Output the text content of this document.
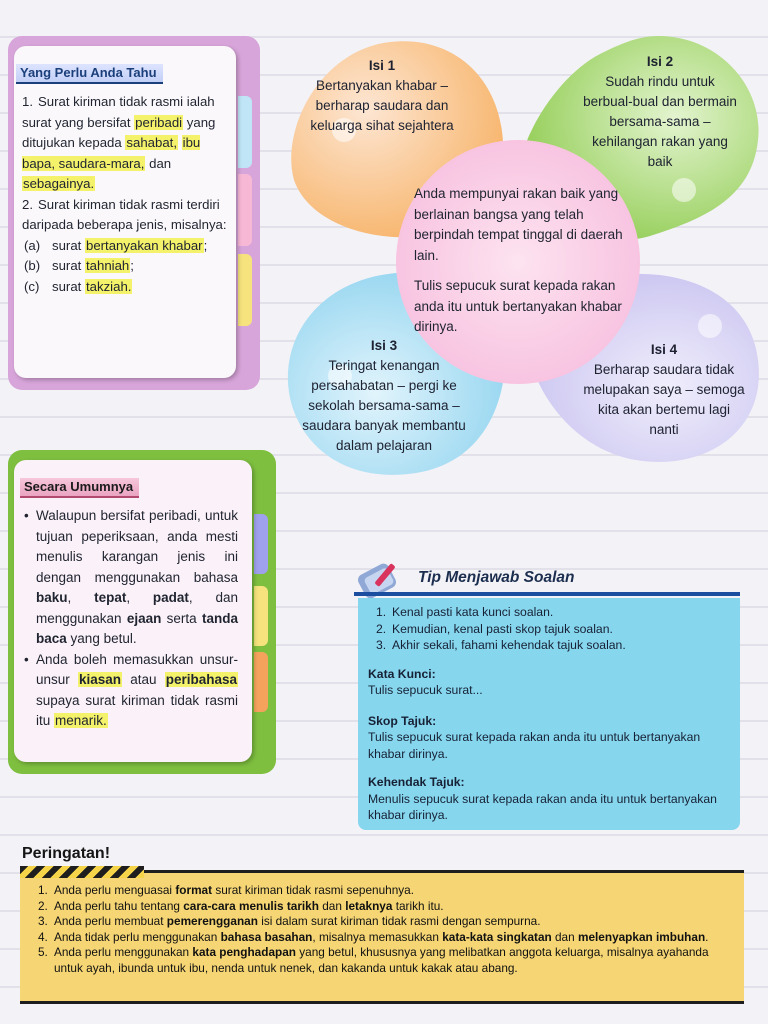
Yang Perlu Anda Tahu
1. Surat kiriman tidak rasmi ialah surat yang bersifat peribadi yang ditujukan kepada sahabat, ibu bapa, saudara-mara, dan sebagainya.
2. Surat kiriman tidak rasmi terdiri daripada beberapa jenis, misalnya:
(a) surat bertanyakan khabar;
(b) surat tahniah;
(c) surat takziah.
Secara Umumnya

• Walaupun bersifat peribadi, untuk tujuan peperiksaan, anda mesti menulis karangan jenis ini dengan menggunakan bahasa baku, tepat, padat, dan menggunakan ejaan serta tanda baca yang betul.

• Anda boleh memasukkan unsur-unsur kiasan atau peribahasa supaya surat kiriman tidak rasmi itu menarik.

Isi 1
Bertanyakan khabar – berharap saudara dan keluarga sihat sejahtera
Isi 2
Sudah rindu untuk berbual-bual dan bermain bersama-sama – kehilangan rakan yang baik
Isi 3
Teringat kenangan persahabatan – pergi ke sekolah bersama-sama – saudara banyak membantu dalam pelajaran
Isi 4
Berharap saudara tidak melupakan saya – semoga kita akan bertemu lagi nanti

Anda mempunyai rakan baik yang berlainan bangsa yang telah berpindah tempat tinggal di daerah lain.

Tulis sepucuk surat kepada rakan anda itu untuk bertanyakan khabar dirinya.

Tip Menjawab Soalan
1. Kenal pasti kata kunci soalan.
2. Kemudian, kenal pasti skop tajuk soalan.
3. Akhir sekali, fahami kehendak tajuk soalan.
Kata Kunci:
Tulis sepucuk surat...
Skop Tajuk:
Tulis sepucuk surat kepada rakan anda itu untuk bertanyakan khabar dirinya.
Kehendak Tajuk:
Menulis sepucuk surat kepada rakan anda itu untuk bertanyakan khabar dirinya.
Peringatan!
1. Anda perlu menguasai format surat kiriman tidak rasmi sepenuhnya.
2. Anda perlu tahu tentang cara-cara menulis tarikh dan letaknya tarikh itu.
3. Anda perlu membuat pemerengganan isi dalam surat kiriman tidak rasmi dengan sempurna.
4. Anda tidak perlu menggunakan bahasa basahan, misalnya memasukkan kata-kata singkatan dan melenyapkan imbuhan.
5. Anda perlu menggunakan kata penghadapan yang betul, khususnya yang melibatkan anggota keluarga, misalnya ayahanda untuk ayah, ibunda untuk ibu, nenda untuk nenek, dan kakanda untuk kakak atau abang.
